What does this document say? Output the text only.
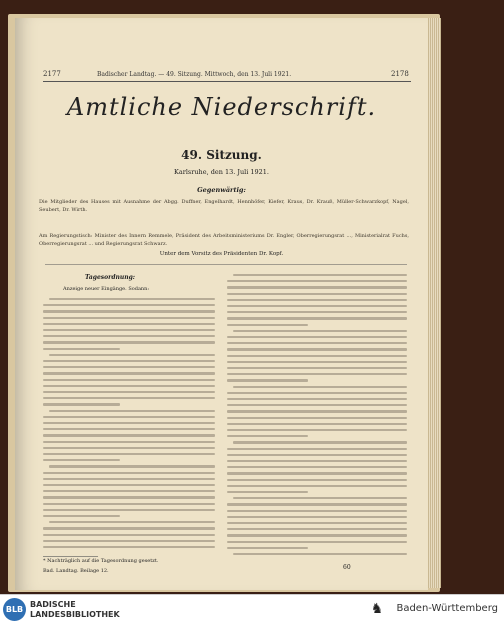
2177	Badischer Landtag. — 49. Sitzung. Mittwoch, den 13. Juli 1921.	2178
Amtliche Niederschrift.
49. Sitzung.
Karlsruhe, den 13. Juli 1921.
Gegenwärtig:
Die Mitglieder des Hauses mit Ausnahme der Abgg. Duffner, Engelhardt, Hennhöfer, Kiefer, Kraus, Dr. Krauß, Müller-Schwarzkopf, Nagel, Seubert, Dr. Wirth.
Am Regierungstisch: Minister des Innern Remmele, Präsident des Arbeitsministeriums Dr. Engler, Oberregierungsrat ..., Ministerialrat Fuchs, Oberregierungsrat ... und Regierungsrat Schwarz.
Unter dem Vorsitz des Präsidenten Dr. Kopf.
Tagesordnung:
Anzeige neuer Eingänge. Sodann:
* Nachträglich auf die Tagesordnung gesetzt.
Bad. Landtag. Beilage 12.	60
BLB
BADISCHE
LANDESBIBLIOTHEK	♞ Baden-Württemberg
